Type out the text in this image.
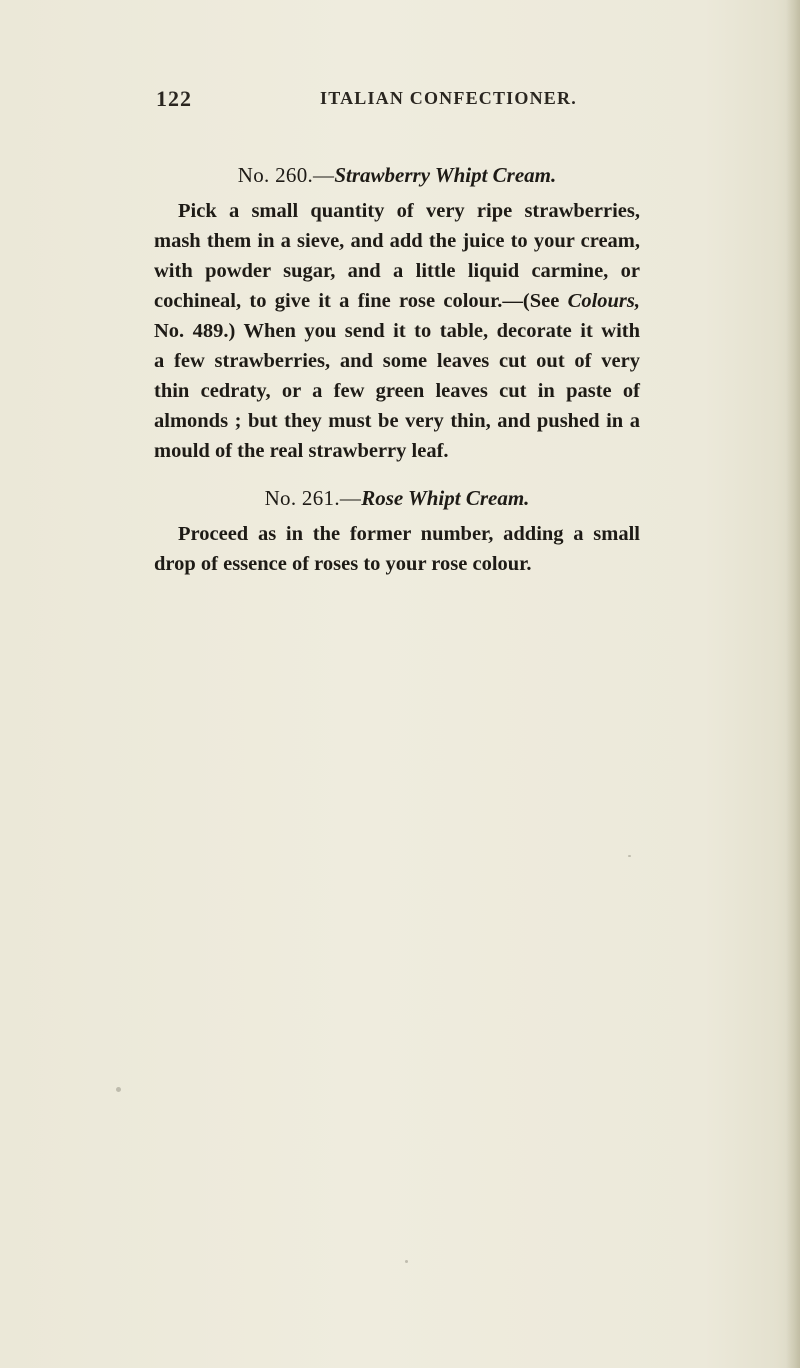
122	ITALIAN CONFECTIONER.

No. 260.—Strawberry Whipt Cream.

Pick a small quantity of very ripe strawberries,

mash them in a sieve, and add the juice to your cream,

with powder sugar, and a little liquid carmine, or

cochineal, to give it a fine rose colour.—(See Colours,

No. 489.) When you send it to table, decorate it with

a few strawberries, and some leaves cut out of very

thin cedraty, or a few green leaves cut in paste of

almonds ; but they must be very thin, and pushed in a

mould of the real strawberry leaf.

No. 261.—Rose Whipt Cream.

Proceed as in the former number, adding a small

drop of essence of roses to your rose colour.
